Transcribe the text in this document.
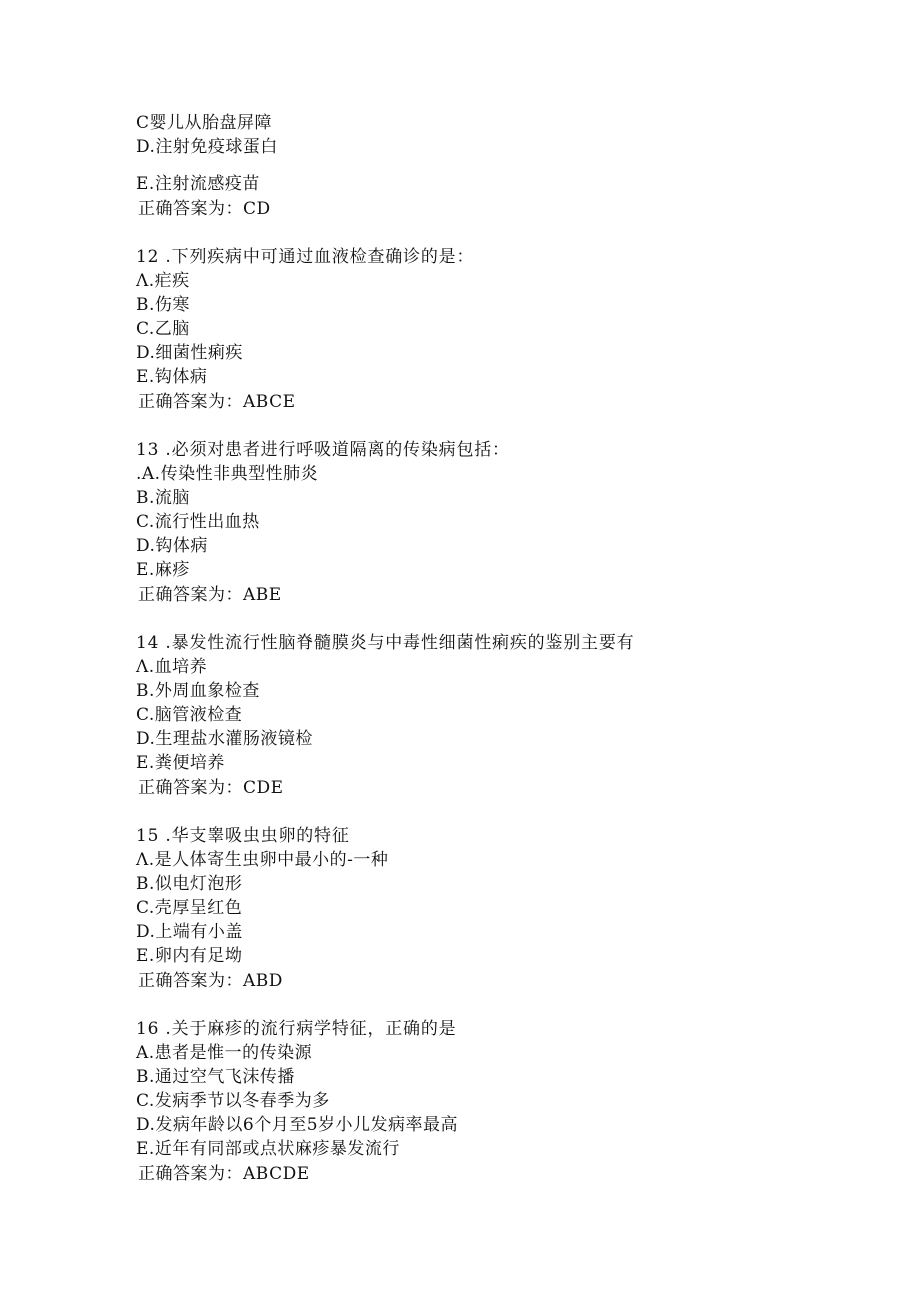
C婴儿从胎盘屏障
D.注射免疫球蛋白
E.注射流感疫苗
正确答案为：CD
12 .下列疾病中可通过血液检查确诊的是：
Λ.疟疾
B.伤寒
C.乙脑
D.细菌性痢疾
E.钩体病
正确答案为：ABCE
13 .必须对患者进行呼吸道隔离的传染病包括：
.A.传染性非典型性肺炎
B.流脑
C.流行性出血热
D.钩体病
E.麻疹
正确答案为：ABE
14 .暴发性流行性脑脊髓膜炎与中毒性细菌性痢疾的鉴别主要有
Λ.血培养
B.外周血象检查
C.脑管液检查
D.生理盐水灌肠液镜检
E.粪便培养
正确答案为：CDE
15 .华支睾吸虫虫卵的特征
Λ.是人体寄生虫卵中最小的-一种
B.似电灯泡形
C.壳厚呈红色
D.上端有小盖
E.卵内有足坳
正确答案为：ABD
16 .关于麻疹的流行病学特征，正确的是
A.患者是惟一的传染源
B.通过空气飞沫传播
C.发病季节以冬春季为多
D.发病年龄以6个月至5岁小儿发病率最高
E.近年有同部或点状麻疹暴发流行
正确答案为：ABCDE
